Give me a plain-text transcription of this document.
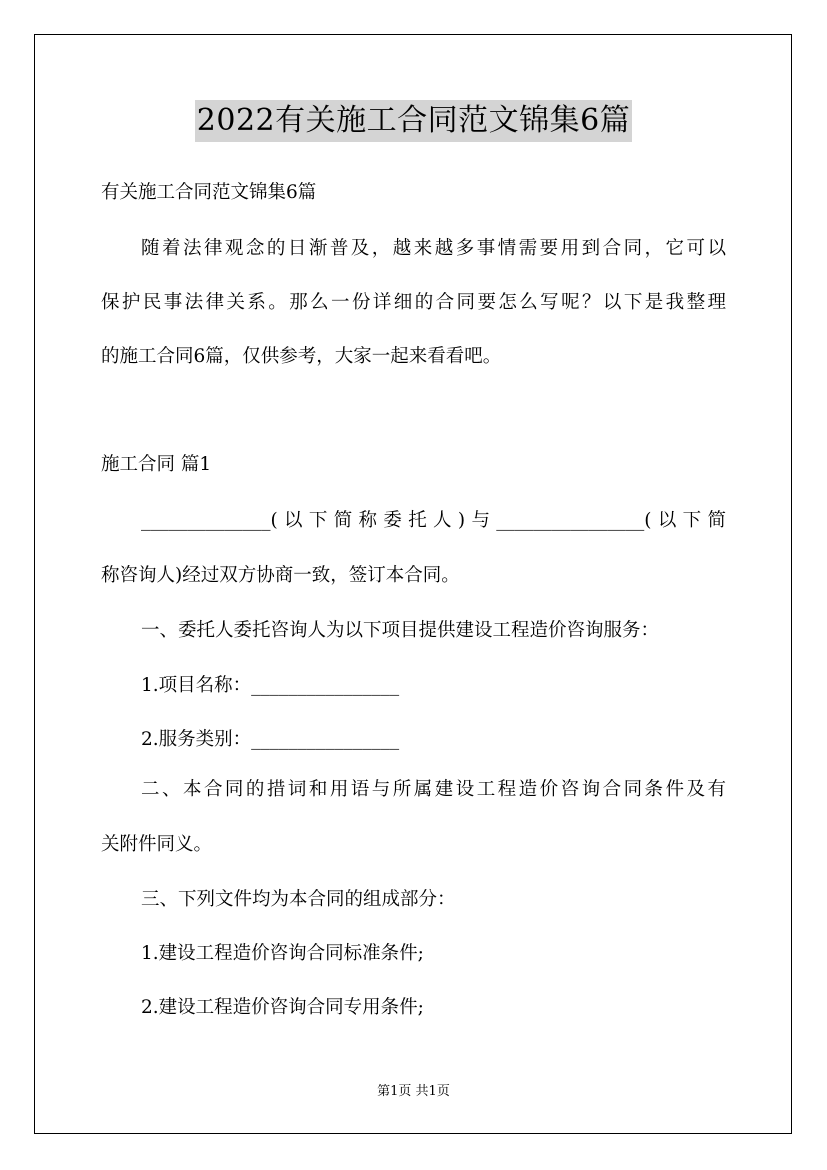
2022有关施工合同范文锦集6篇
有关施工合同范文锦集6篇
随着法律观念的日渐普及，越来越多事情需要用到合同，它可以
保护民事法律关系。那么一份详细的合同要怎么写呢？以下是我整理
的施工合同6篇，仅供参考，大家一起来看看吧。
施工合同 篇1
______________(以下简称委托人)与________________(以下简
称咨询人)经过双方协商一致，签订本合同。
一、委托人委托咨询人为以下项目提供建设工程造价咨询服务：
1.项目名称：________________
2.服务类别：________________
二、本合同的措词和用语与所属建设工程造价咨询合同条件及有
关附件同义。
三、下列文件均为本合同的组成部分：
1.建设工程造价咨询合同标准条件;
2.建设工程造价咨询合同专用条件;
第1页 共1页
